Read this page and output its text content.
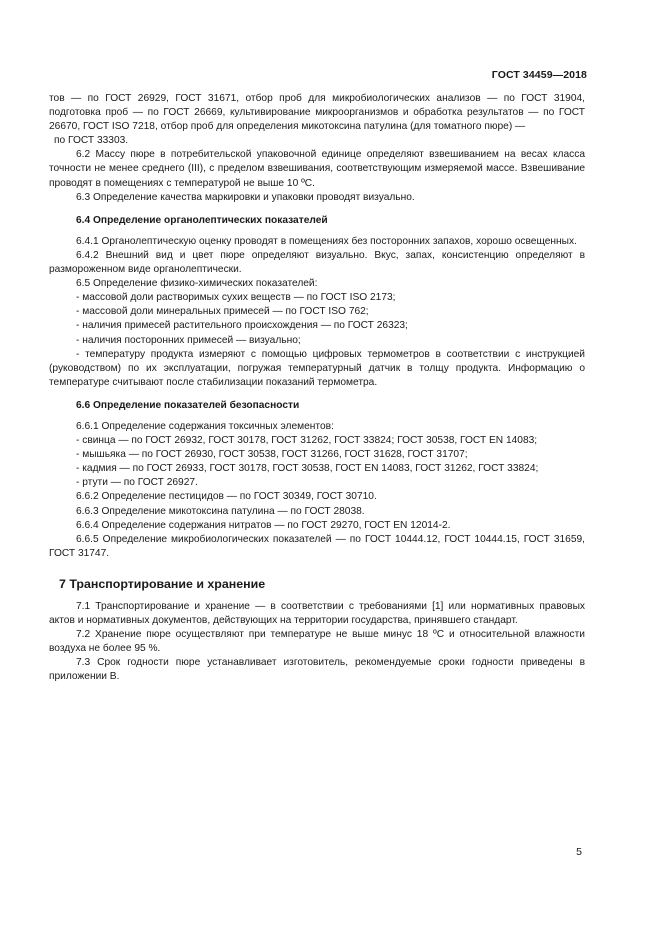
ГОСТ 34459—2018

тов — по ГОСТ 26929, ГОСТ 31671, отбор проб для микробиологических анализов — по ГОСТ 31904, подготовка проб — по ГОСТ 26669, культивирование микроорганизмов и обработка результатов — по ГОСТ 26670, ГОСТ ISO 7218, отбор проб для определения микотоксина патулина (для томатного пюре) —

по ГОСТ 33303.

6.2 Массу пюре в потребительской упаковочной единице определяют взвешиванием на весах класса точности не менее среднего (III), с пределом взвешивания, соответствующим измеряемой массе. Взвешивание проводят в помещениях с температурой не выше 10 ºС.

6.3 Определение качества маркировки и упаковки проводят визуально.

6.4 Определение органолептических показателей

6.4.1 Органолептическую оценку проводят в помещениях без посторонних запахов, хорошо освещенных.

6.4.2 Внешний вид и цвет пюре определяют визуально. Вкус, запах, консистенцию определяют в размороженном виде органолептически.

6.5 Определение физико-химических показателей:

- массовой доли растворимых сухих веществ — по ГОСТ ISO 2173;

- массовой доли минеральных примесей — по ГОСТ ISO 762;

- наличия примесей растительного происхождения — по ГОСТ 26323;

- наличия посторонних примесей — визуально;

- температуру продукта измеряют с помощью цифровых термометров в соответствии с инструкцией (руководством) по их эксплуатации, погружая температурный датчик в толщу продукта. Информацию о температуре считывают после стабилизации показаний термометра.

6.6 Определение показателей безопасности

6.6.1 Определение содержания токсичных элементов:

- свинца — по ГОСТ 26932, ГОСТ 30178, ГОСТ 31262, ГОСТ 33824; ГОСТ 30538, ГОСТ EN 14083;

- мышьяка — по ГОСТ 26930, ГОСТ 30538, ГОСТ 31266, ГОСТ 31628, ГОСТ 31707;

- кадмия — по ГОСТ 26933, ГОСТ 30178, ГОСТ 30538, ГОСТ EN 14083, ГОСТ 31262, ГОСТ 33824;

- ртути — по ГОСТ 26927.

6.6.2 Определение пестицидов — по ГОСТ 30349, ГОСТ 30710.

6.6.3 Определение микотоксина патулина — по ГОСТ 28038.

6.6.4 Определение содержания нитратов — по ГОСТ 29270, ГОСТ EN 12014-2.

6.6.5 Определение микробиологических показателей — по ГОСТ 10444.12, ГОСТ 10444.15, ГОСТ 31659, ГОСТ 31747.

7 Транспортирование и хранение

7.1 Транспортирование и хранение — в соответствии с требованиями [1] или нормативных правовых актов и нормативных документов, действующих на территории государства, принявшего стандарт.

7.2 Хранение пюре осуществляют при температуре не выше минус 18 ºС и относительной влажности воздуха не более 95 %.

7.3 Срок годности пюре устанавливает изготовитель, рекомендуемые сроки годности приведены в приложении В.

5
